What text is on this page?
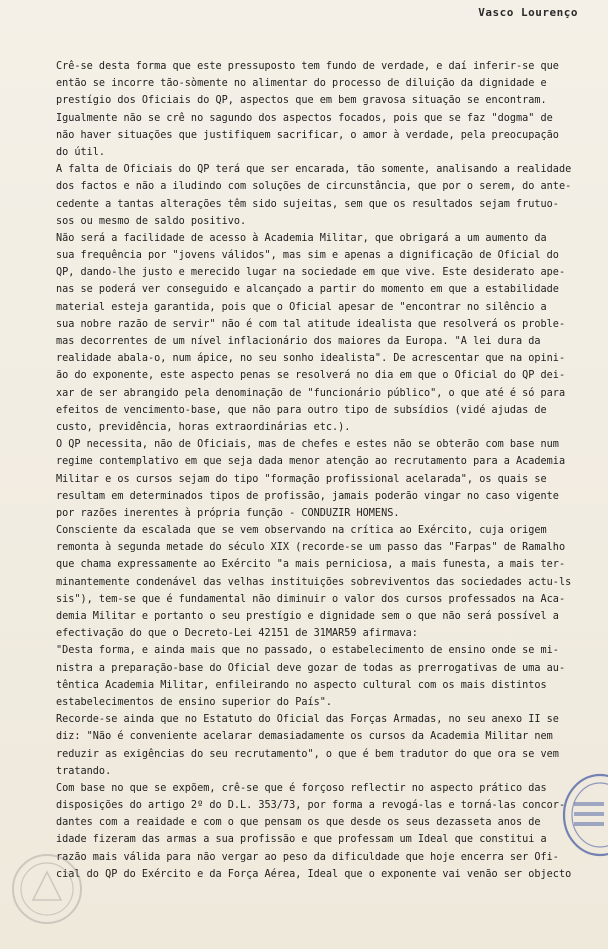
Vasco Lourenço
Crê-se desta forma que este pressuposto tem fundo de verdade, e daí inferir-se que
então se incorre tão-sòmente no alimentar do processo de diluição da dignidade e
prestígio dos Oficiais do QP, aspectos que em bem gravosa situação se encontram.
Igualmente não se crê no sagundo dos aspectos focados, pois que se faz "dogma" de
não haver situações que justifiquem sacrificar, o amor à verdade, pela preocupação
do útil.
A falta de Oficiais do QP terá que ser encarada, tão somente, analisando a realidade
dos factos e não a iludindo com soluções de circunstância, que por o serem, do ante-
cedente a tantas alterações têm sido sujeitas, sem que os resultados sejam frutuo-
sos ou mesmo de saldo positivo.
Não será a facilidade de acesso à Academia Militar, que obrigará a um aumento da
sua frequência por "jovens válidos", mas sim e apenas a dignificação de Oficial do
QP, dando-lhe justo e merecido lugar na sociedade em que vive. Este desiderato ape-
nas se poderá ver conseguido e alcançado a partir do momento em que a estabilidade
material esteja garantida, pois que o Oficial apesar de "encontrar no silêncio a
sua nobre razão de servir" não é com tal atitude idealista que resolverá os proble-
mas decorrentes de um nível inflacionário dos maiores da Europa. "A lei dura da
realidade abala-o, num ápice, no seu sonho idealista". De acrescentar que na opini-
ão do exponente, este aspecto penas se resolverá no dia em que o Oficial do QP dei-
xar de ser abrangido pela denominação de "funcionário público", o que até é só para
efeitos de vencimento-base, que não para outro tipo de subsídios (vidé ajudas de
custo, previdência, horas extraordinárias etc.).
O QP necessita, não de Oficiais, mas de chefes e estes não se obterão com base num
regime contemplativo em que seja dada menor atenção ao recrutamento para a Academia
Militar e os cursos sejam do tipo "formação profissional acelarada", os quais se
resultam em determinados tipos de profissão, jamais poderão vingar no caso vigente
por razões inerentes à própria função - CONDUZIR HOMENS.
Consciente da escalada que se vem observando na crítica ao Exército, cuja origem
remonta à segunda metade do século XIX (recorde-se um passo das "Farpas" de Ramalho
que chama expressamente ao Exército "a mais perniciosa, a mais funesta, a mais ter-
minantemente condenável das velhas instituições sobreviventos das sociedades actu-ls
sis"), tem-se que é fundamental não diminuir o valor dos cursos professados na Aca-
demia Militar e portanto o seu prestígio e dignidade sem o que não será possível a
efectivação do que o Decreto-Lei 42151 de 31MAR59 afirmava:
"Desta forma, e ainda mais que no passado, o estabelecimento de ensino onde se mi-
nistra a preparação-base do Oficial deve gozar de todas as prerrogativas de uma au-
têntica Academia Militar, enfileirando no aspecto cultural com os mais distintos
estabelecimentos de ensino superior do País".
Recorde-se ainda que no Estatuto do Oficial das Forças Armadas, no seu anexo II se
diz: "Não é conveniente acelarar demasiadamente os cursos da Academia Militar nem
reduzir as exigências do seu recrutamento", o que é bem tradutor do que ora se vem
tratando.
Com base no que se expõem, crê-se que é forçoso reflectir no aspecto prático das
disposições do artigo 2º do D.L. 353/73, por forma a revogá-las e torná-las concor-
dantes com a reaidade e com o que pensam os que desde os seus dezasseta anos de
idade fizeram das armas a sua profissão e que professam um Ideal que constitui a
razão mais válida para não vergar ao peso da dificuldade que hoje encerra ser Ofi-
cial do QP do Exército e da Força Aérea, Ideal que o exponente vai venão ser objecto
